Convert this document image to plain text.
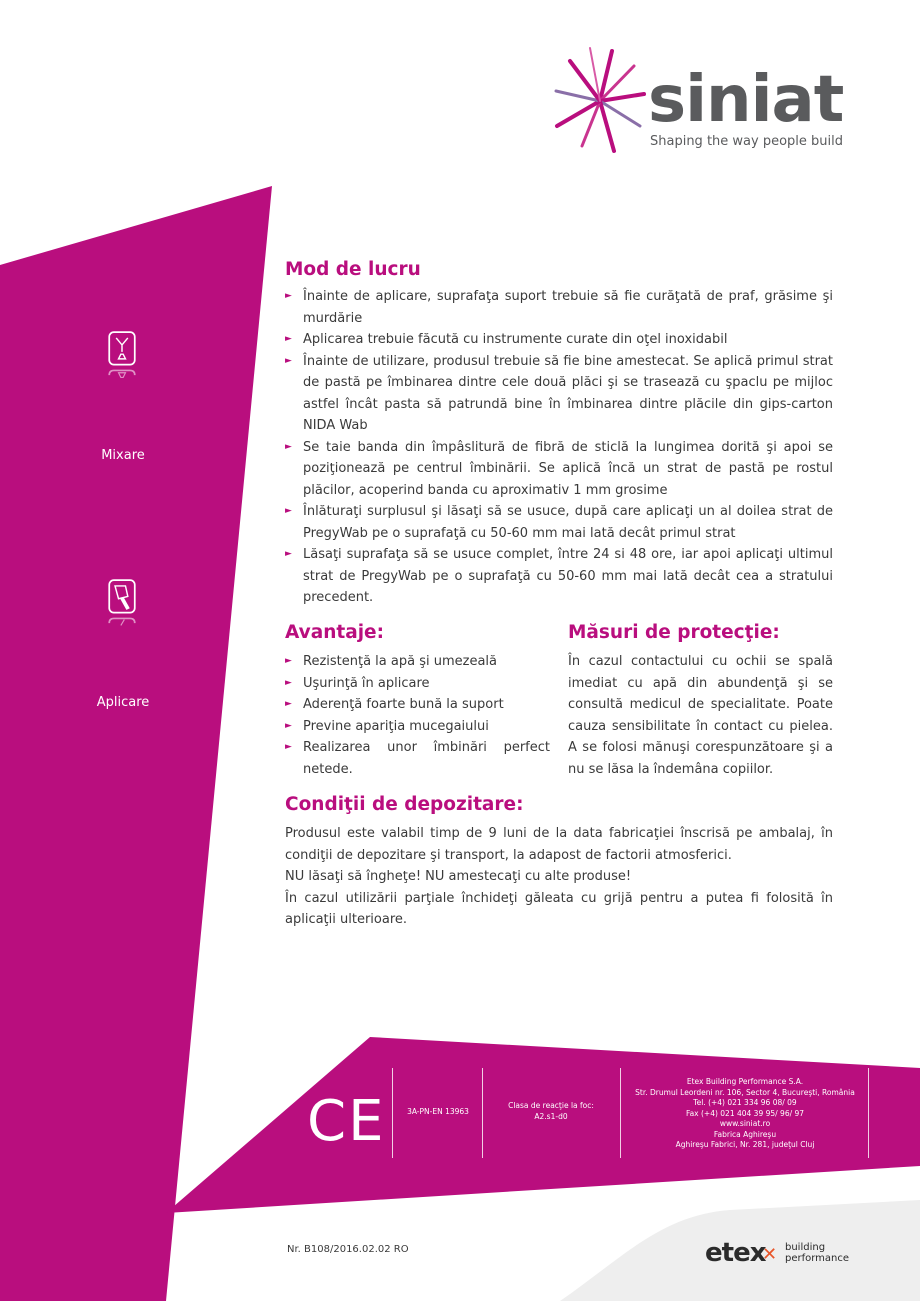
siniat
Shaping the way people build
Mixare
Aplicare
Mod de lucru
► Înainte de aplicare, suprafaţa suport trebuie să fie curăţată de praf, grăsime şi murdărie
► Aplicarea trebuie făcută cu instrumente curate din oţel inoxidabil
► Înainte de utilizare, produsul trebuie să fie bine amestecat. Se aplică primul strat de pastă pe îmbinarea dintre cele două plăci şi se trasează cu şpaclu pe mijloc astfel încât pasta să patrundă bine în îmbinarea dintre plăcile din gips-carton NIDA Wab
► Se taie banda din împâslitură de fibră de sticlă la lungimea dorită şi apoi se poziţionează pe centrul îmbinării. Se aplică încă un strat de pastă pe rostul plăcilor, acoperind banda cu aproximativ 1 mm grosime
► Înlăturaţi surplusul şi lăsaţi să se usuce, după care aplicaţi un al doilea strat de PregyWab pe o suprafaţă cu 50-60 mm mai lată decât primul strat
► Lăsaţi suprafaţa să se usuce complet, între 24 si 48 ore, iar apoi aplicaţi ultimul strat de PregyWab pe o suprafaţă cu 50-60 mm mai lată decât cea a stratului precedent.
Avantaje:
► Rezistenţă la apă şi umezeală
► Uşurinţă în aplicare
► Aderenţă foarte bună la suport
► Previne apariţia mucegaiului
► Realizarea unor îmbinări perfect netede.
Măsuri de protecţie:

În cazul contactului cu ochii se spală imediat cu apă din abundenţă şi se consultă medicul de specialitate. Poate cauza sensibilitate în contact cu pielea. A se folosi mănuşi corespunzătoare şi a nu se lăsa la îndemâna copiilor.

Condiţii de depozitare:

Produsul este valabil timp de 9 luni de la data fabricaţiei înscrisă pe ambalaj, în condiţii de depozitare şi transport, la adapost de factorii atmosferici.

NU lăsaţi să îngheţe! NU amestecaţi cu alte produse!

În cazul utilizării parţiale închideţi găleata cu grijă pentru a putea fi folosită în aplicaţii ulterioare.

CE	3A-PN-EN 13963
Clasa de reacţie la foc:
A2.s1-d0
Etex Building Performance S.A.
Str. Drumul Leordeni nr. 106, Sector 4, Bucureşti, România
Tel. (+4) 021 334 96 08/ 09
Fax (+4) 021 404 39 95/ 96/ 97
www.siniat.ro
Fabrica Aghireşu
Aghireşu Fabrici, Nr. 281, judeţul Cluj
Nr. B108/2016.02.02 RO	etex
✕ building
performance
